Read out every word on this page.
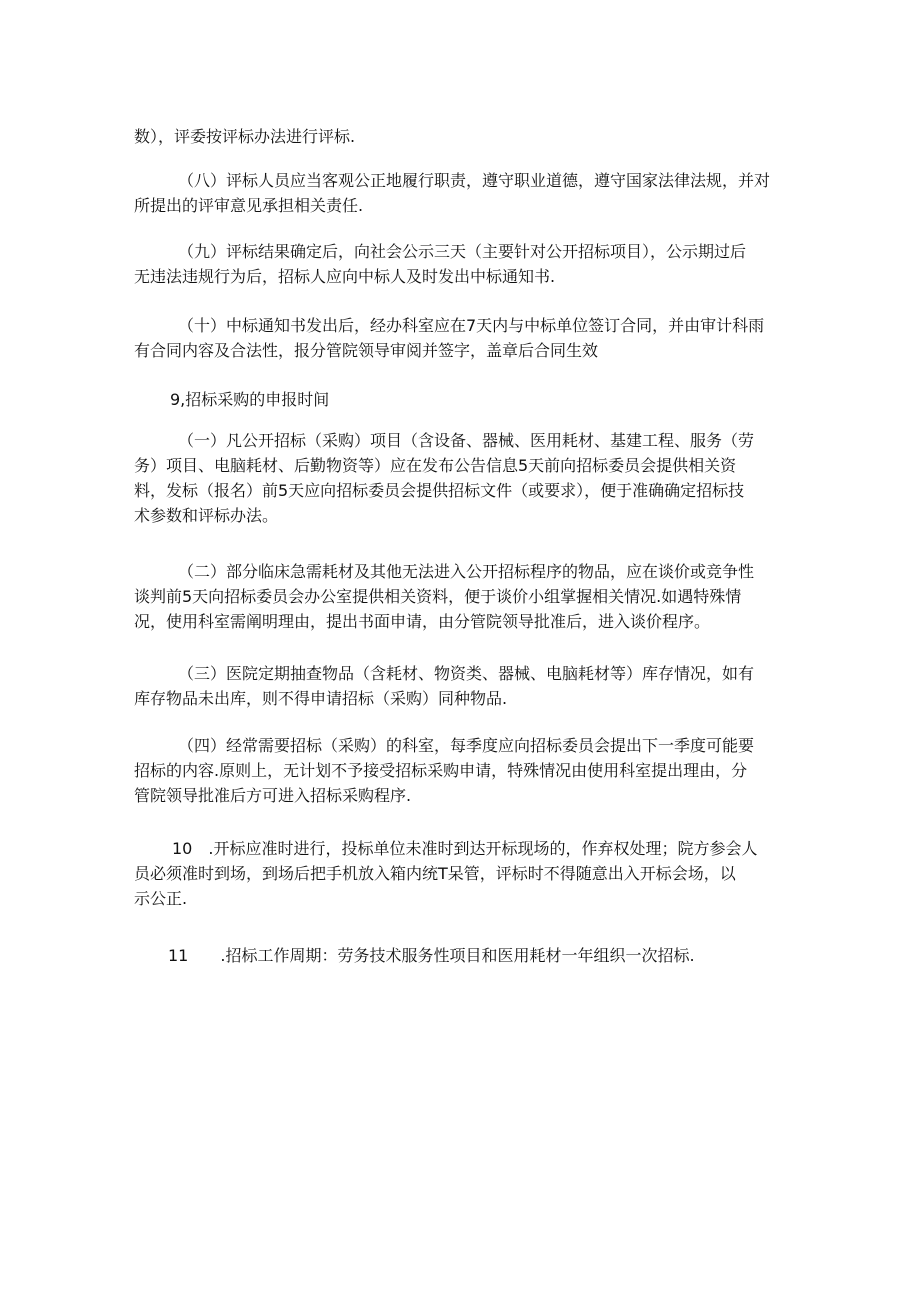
数），评委按评标办法进行评标.
（八）评标人员应当客观公正地履行职责，遵守职业道德，遵守国家法律法规，并对
所提出的评审意见承担相关责任.
（九）评标结果确定后，向社会公示三天（主要针对公开招标项目），公示期过后
无违法违规行为后，招标人应向中标人及时发出中标通知书.
（十）中标通知书发出后，经办科室应在7天内与中标单位签订合同，并由审计科雨
有合同内容及合法性，报分管院领导审阅并签字，盖章后合同生效
9,招标采购的申报时间
（一）凡公开招标（采购）项目（含设备、器械、医用耗材、基建工程、服务（劳
务）项目、电脑耗材、后勤物资等）应在发布公告信息5天前向招标委员会提供相关资
料，发标（报名）前5天应向招标委员会提供招标文件（或要求），便于准确确定招标技
术参数和评标办法。
（二）部分临床急需耗材及其他无法进入公开招标程序的物品，应在谈价或竞争性
谈判前5天向招标委员会办公室提供相关资料，便于谈价小组掌握相关情况.如遇特殊情
况，使用科室需阐明理由，提出书面申请，由分管院领导批准后，进入谈价程序。
（三）医院定期抽查物品（含耗材、物资类、器械、电脑耗材等）库存情况，如有
库存物品未出库，则不得申请招标（采购）同种物品.
（四）经常需要招标（采购）的科室，每季度应向招标委员会提出下一季度可能要
招标的内容.原则上，无计划不予接受招标采购申请，特殊情况由使用科室提出理由，分
管院领导批准后方可进入招标采购程序.
10　.开标应准时进行，投标单位未准时到达开标现场的，作弃权处理；院方参会人
员必须准时到场，到场后把手机放入箱内统T呆管，评标时不得随意出入开标会场，以
示公正.
11　　.招标工作周期：劳务技术服务性项目和医用耗材一年组织一次招标.
